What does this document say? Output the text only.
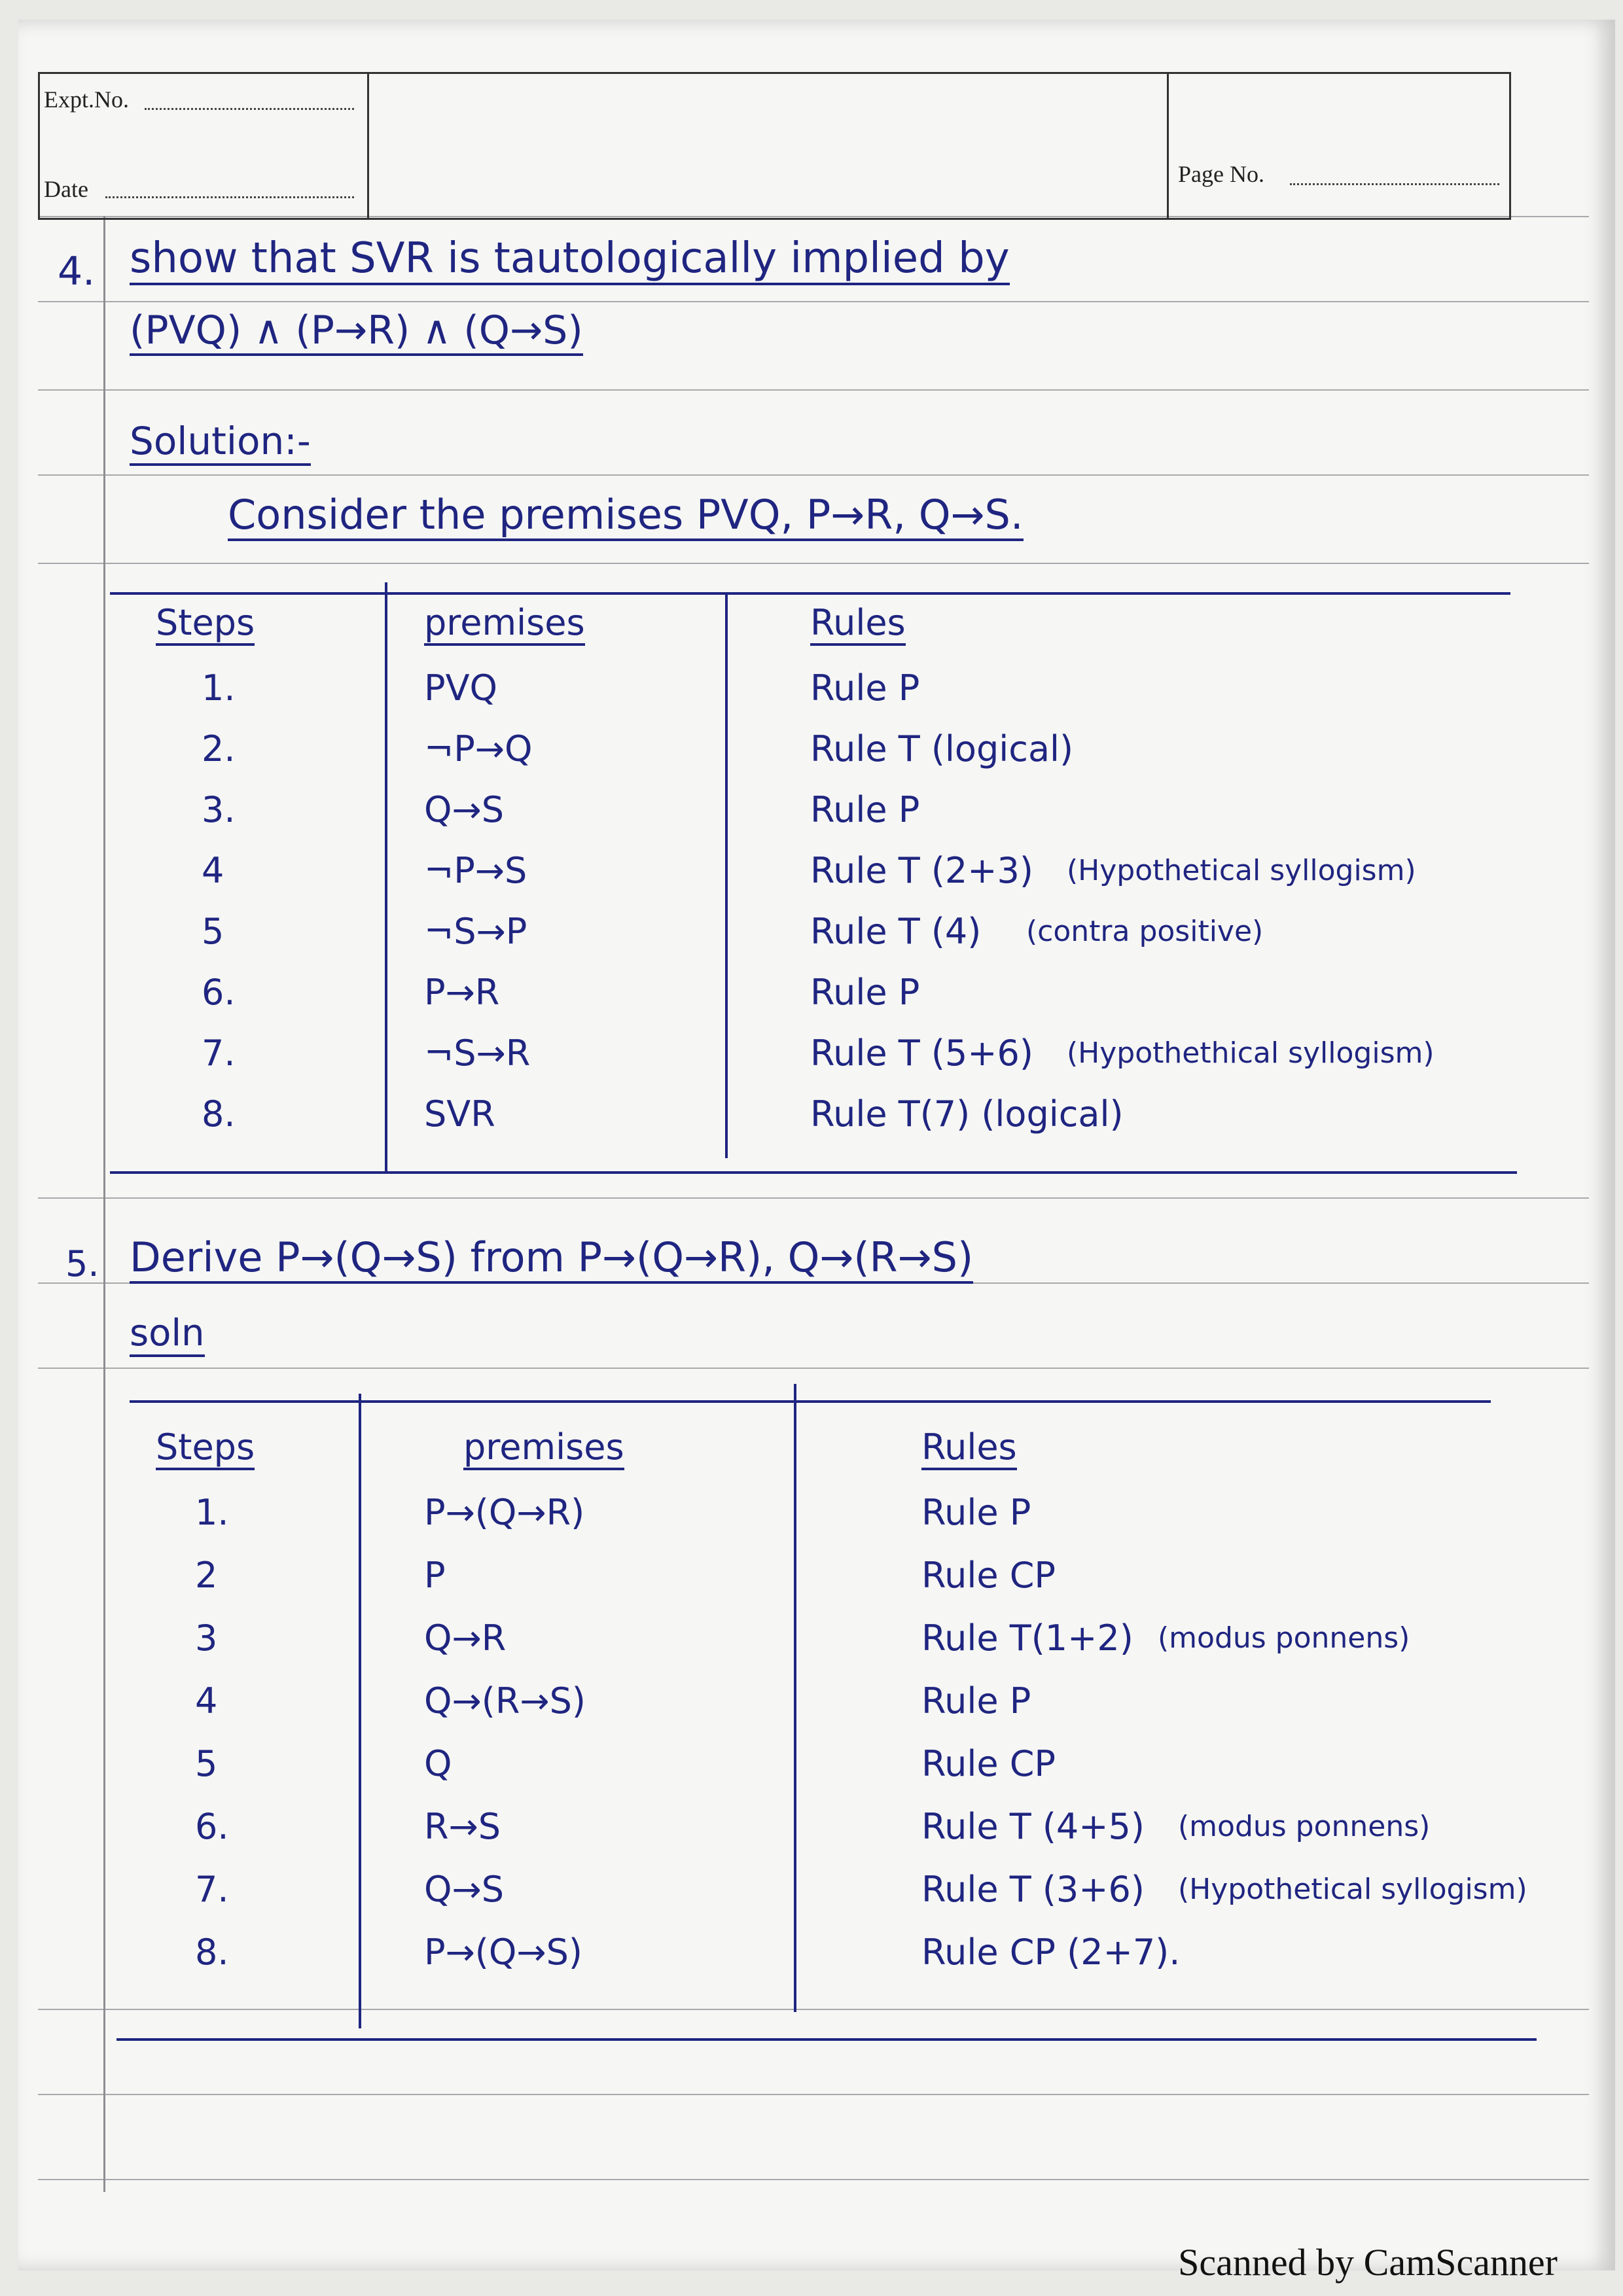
Expt.No.
Date
Page No.
4. show that SVR is tautologically implied by
(PVQ) ∧ (P→R) ∧ (Q→S)
Solution:-
Consider the premises PVQ, P→R, Q→S.
5. Derive P→(Q→S) from P→(Q→R), Q→(R→S)
soln
Steps	premises	Rules
1.	PVQ	Rule P
2.	¬P→Q	Rule T (logical)
3.	Q→S	Rule P
4	¬P→S	Rule T (2+3) (Hypothetical syllogism)
5	¬S→P	Rule T (4) (contra positive)
6.	P→R	Rule P
7.	¬S→R	Rule T (5+6) (Hypothethical syllogism)
8.	SVR	Rule T(7) (logical)
Steps	premises	Rules
1.	P→(Q→R)	Rule P
2	P	Rule CP
3	Q→R	Rule T(1+2) (modus ponnens)
4	Q→(R→S)	Rule P
5	Q	Rule CP
6.	R→S	Rule T (4+5) (modus ponnens)
7.	Q→S	Rule T (3+6) (Hypothetical syllogism)
8.	P→(Q→S)	Rule CP (2+7).
Scanned by CamScanner
